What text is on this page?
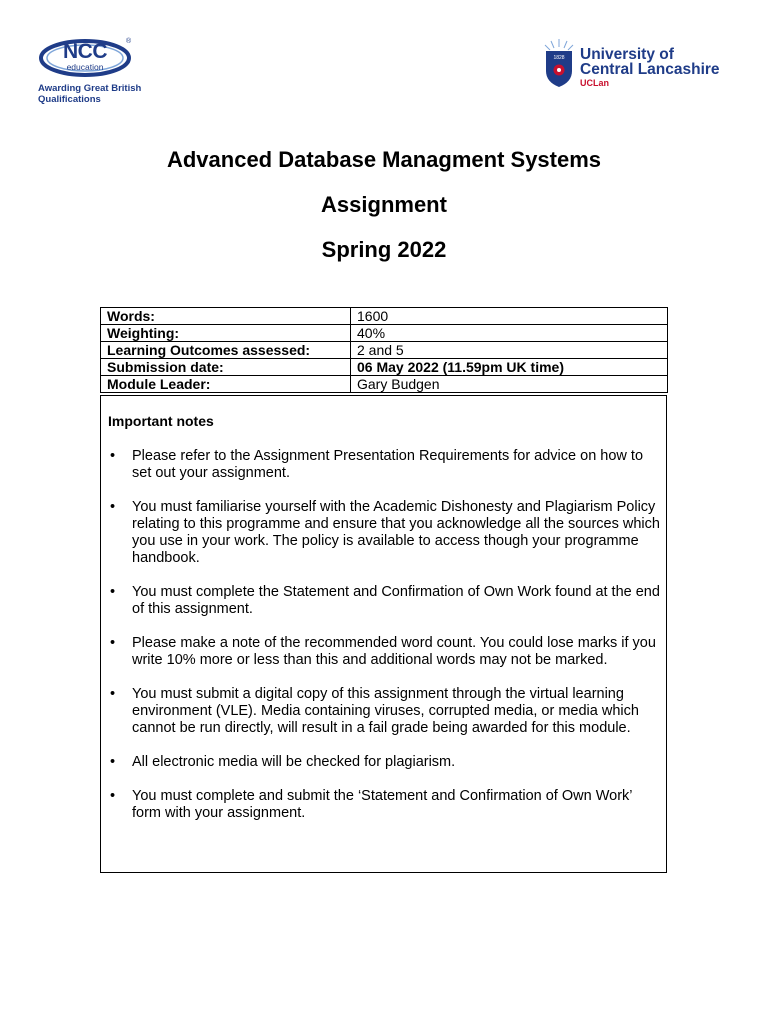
NCC
education
®
Awarding Great British
Qualifications
1828 University of
Central Lancashire
UCLan

Advanced Database Managment Systems

Assignment

Spring 2022

Words:	1600
Weighting:	40%
Learning Outcomes assessed:	2 and 5
Submission date:	06 May 2022 (11.59pm UK time)
Module Leader:	Gary Budgen
Important notes
• Please refer to the Assignment Presentation Requirements for advice on how to set out your assignment.
• You must familiarise yourself with the Academic Dishonesty and Plagiarism Policy relating to this programme and ensure that you acknowledge all the sources which you use in your work. The policy is available to access though your programme handbook.
• You must complete the Statement and Confirmation of Own Work found at the end of this assignment.
• Please make a note of the recommended word count. You could lose marks if you write 10% more or less than this and additional words may not be marked.
• You must submit a digital copy of this assignment through the virtual learning environment (VLE). Media containing viruses, corrupted media, or media which cannot be run directly, will result in a fail grade being awarded for this module.
• All electronic media will be checked for plagiarism.
• You must complete and submit the ‘Statement and Confirmation of Own Work’ form with your assignment.
